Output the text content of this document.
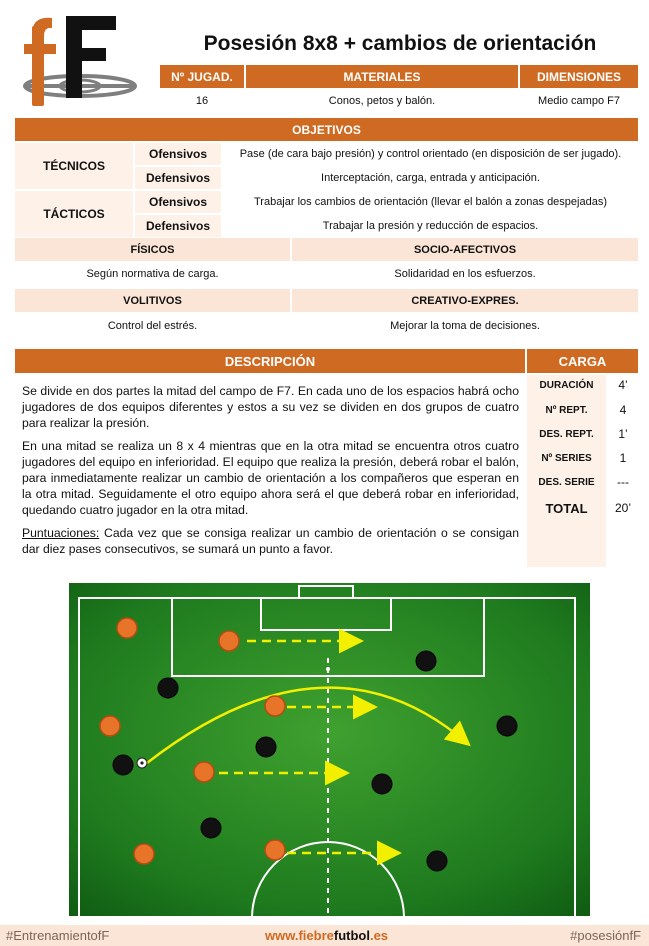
Posesión 8x8 + cambios de orientación
Nº JUGAD.	MATERIALES	DIMENSIONES
16	Conos, petos y balón.	Medio campo F7
OBJETIVOS
TÉCNICOS
Ofensivos	Pase (de cara bajo presión) y control orientado (en disposición de ser jugado).
Defensivos	Interceptación, carga, entrada y anticipación.
TÁCTICOS
Ofensivos	Trabajar los cambios de orientación (llevar el balón a zonas despejadas)
Defensivos	Trabajar la presión y reducción de espacios.
FÍSICOS	SOCIO-AFECTIVOS
Según normativa de carga.	Solidaridad en los esfuerzos.
VOLITIVOS	CREATIVO-EXPRES.
Control del estrés.	Mejorar la toma de decisiones.
DESCRIPCIÓN

Se divide en dos partes la mitad del campo de F7. En cada uno de los espacios habrá ocho jugadores de dos equipos diferentes y estos a su vez se dividen en dos grupos de cuatro para realizar la presión.

En una mitad se realiza un 8 x 4 mientras que en la otra mitad se encuentra otros cuatro jugadores del equipo en inferioridad. El equipo que realiza la presión, deberá robar el balón, para inmediatamente realizar un cambio de orientación a los compañeros que esperan en la otra mitad. Seguidamente el otro equipo ahora será el que deberá robar en inferioridad, quedando cuatro jugador en la otra mitad.

Puntuaciones: Cada vez que se consiga realizar un cambio de orientación o se consigan dar diez pases consecutivos, se sumará un punto a favor.

CARGA
DURACIÓN	4’
Nº REPT.	4
DES. REPT.	1’
Nº SERIES	1
DES. SERIE	---
TOTAL	20’
#EntrenamientofF	www.fiebrefutbol.es	#posesiónfF
